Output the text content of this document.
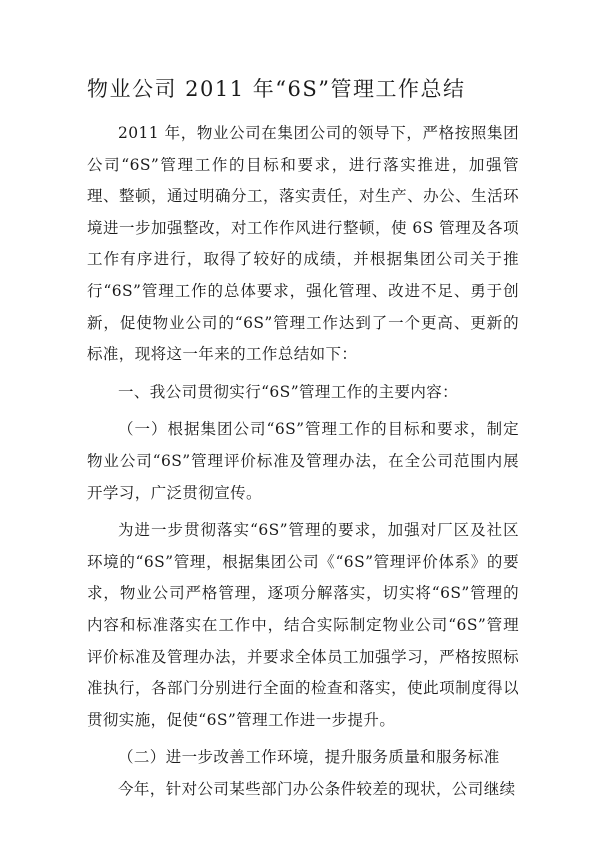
物业公司 2011 年“6S”管理工作总结

2011 年，物业公司在集团公司的领导下，严格按照集团公司“6S”管理工作的目标和要求，进行落实推进，加强管理、整顿，通过明确分工，落实责任，对生产、办公、生活环境进一步加强整改，对工作作风进行整顿，使 6S 管理及各项工作有序进行，取得了较好的成绩，并根据集团公司关于推行“6S”管理工作的总体要求，强化管理、改进不足、勇于创新，促使物业公司的“6S”管理工作达到了一个更高、更新的标准，现将这一年来的工作总结如下：

一、我公司贯彻实行“6S”管理工作的主要内容：

（一）根据集团公司“6S”管理工作的目标和要求，制定物业公司“6S”管理评价标准及管理办法，在全公司范围内展开学习，广泛贯彻宣传。

为进一步贯彻落实“6S”管理的要求，加强对厂区及社区环境的“6S”管理，根据集团公司《“6S”管理评价体系》的要求，物业公司严格管理，逐项分解落实，切实将“6S”管理的内容和标准落实在工作中，结合实际制定物业公司“6S”管理评价标准及管理办法，并要求全体员工加强学习，严格按照标准执行，各部门分别进行全面的检查和落实，使此项制度得以贯彻实施，促使“6S”管理工作进一步提升。

（二）进一步改善工作环境，提升服务质量和服务标准

今年，针对公司某些部门办公条件较差的现状，公司继续
